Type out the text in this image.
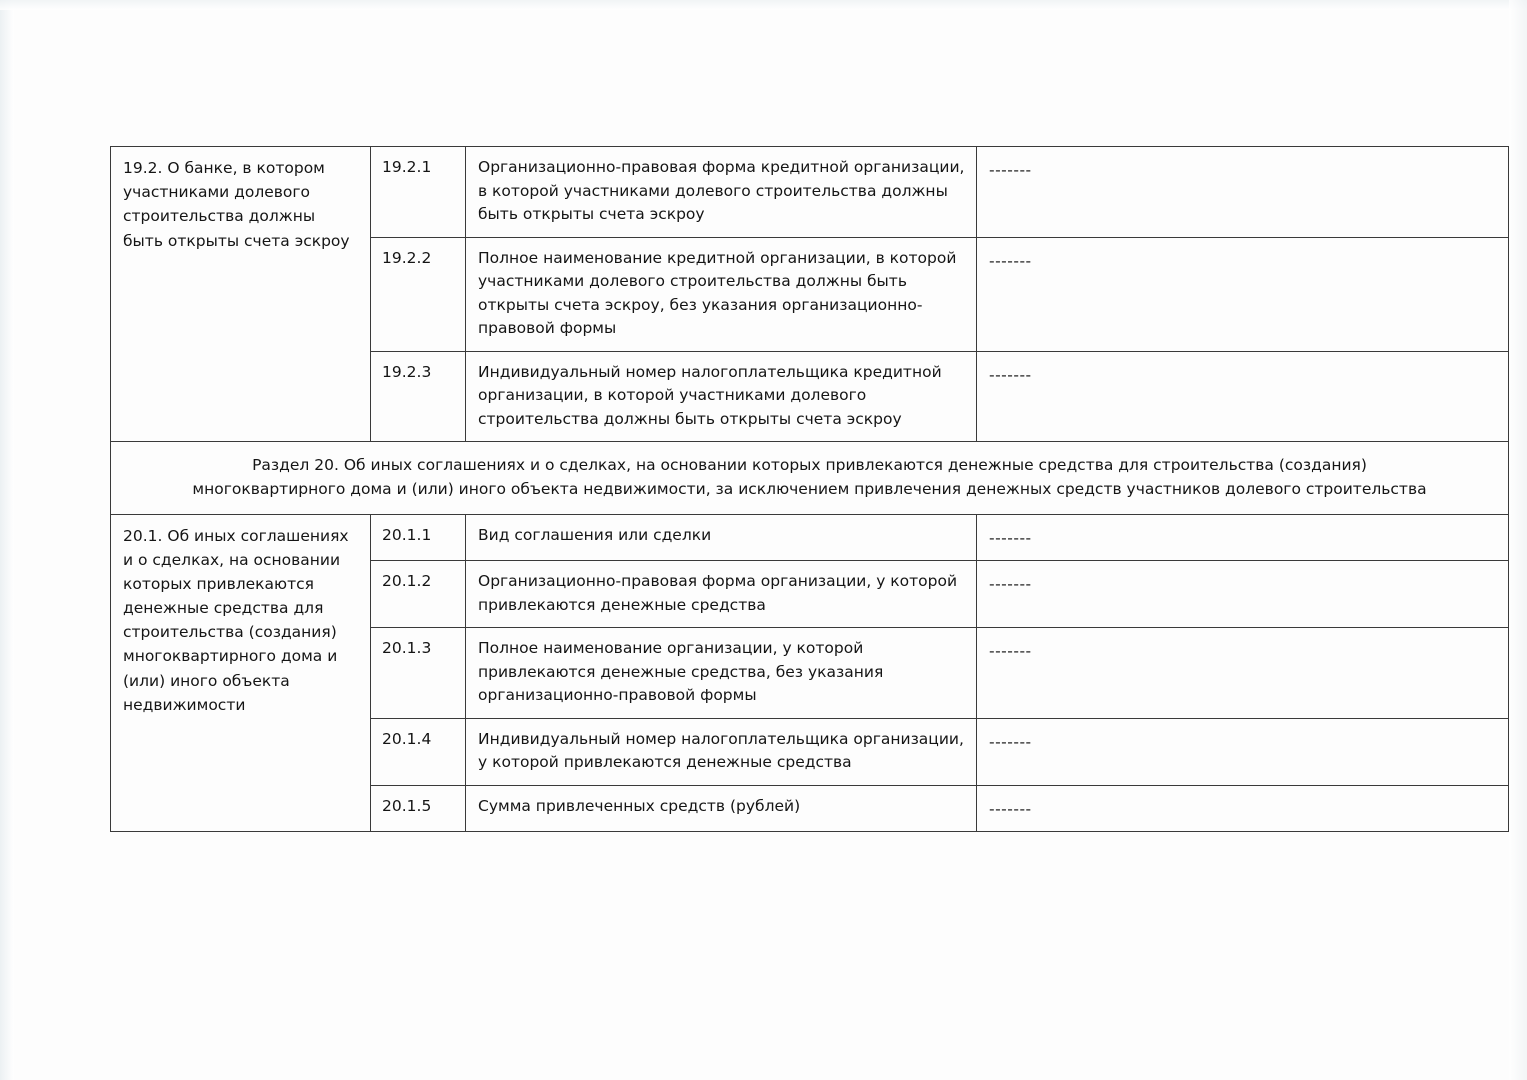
19.2. О банке, в котором участниками долевого строительства должны быть открыты счета эскроу	19.2.1	Организационно-правовая форма кредитной организации, в которой участниками долевого строительства должны быть открыты счета эскроу	-------

	19.2.2	Полное наименование кредитной организации, в которой участниками долевого строительства должны быть открыты счета эскроу, без указания организационно-правовой формы	-------

	19.2.3	Индивидуальный номер налогоплательщика кредитной организации, в которой участниками долевого строительства должны быть открыты счета эскроу	-------

Раздел 20. Об иных соглашениях и о сделках, на основании которых привлекаются денежные средства для строительства (создания) многоквартирного дома и (или) иного объекта недвижимости, за исключением привлечения денежных средств участников долевого строительства			

20.1. Об иных соглашениях и о сделках, на основании которых привлекаются денежные средства для строительства (создания) многоквартирного дома и (или) иного объекта недвижимости	20.1.1	Вид соглашения или сделки	-------

	20.1.2	Организационно-правовая форма организации, у которой привлекаются денежные средства	-------

	20.1.3	Полное наименование организации, у которой привлекаются денежные средства, без указания организационно-правовой формы	-------

	20.1.4	Индивидуальный номер налогоплательщика организации, у которой привлекаются денежные средства	-------

	20.1.5	Сумма привлеченных средств (рублей)	-------
